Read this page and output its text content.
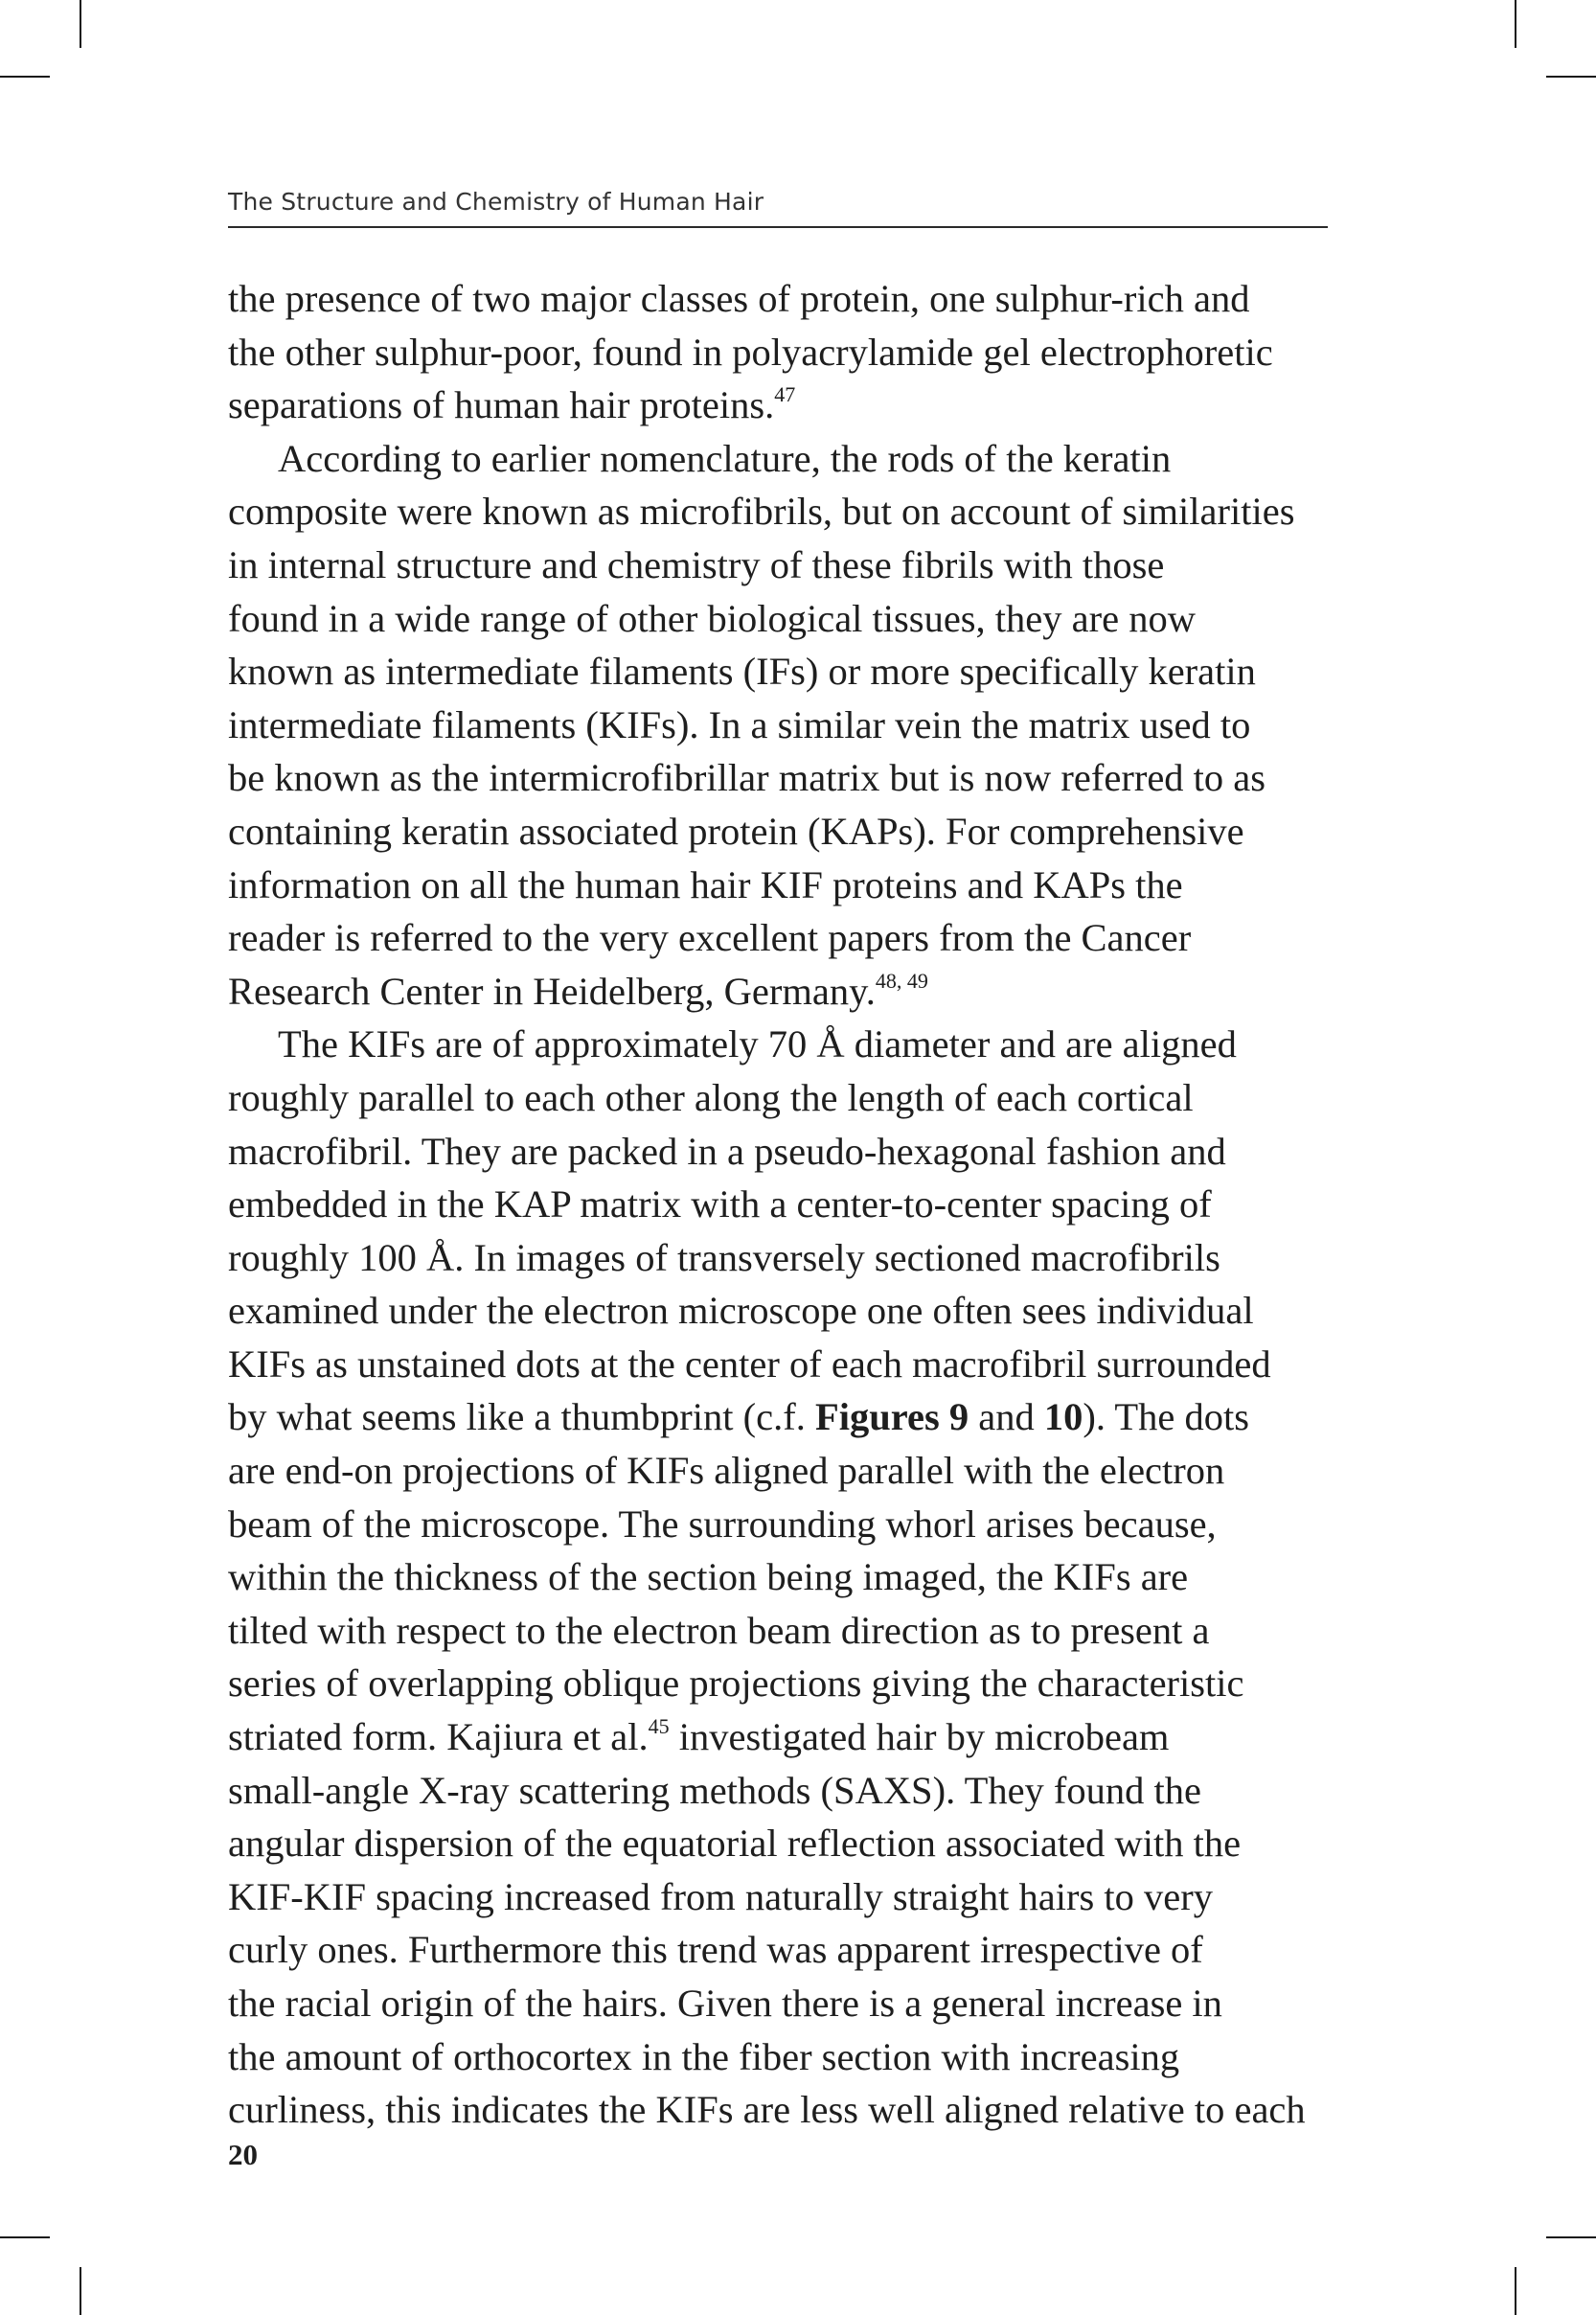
The Structure and Chemistry of Human Hair
the presence of two major classes of protein, one sulphur-rich and
the other sulphur-poor, found in polyacrylamide gel electrophoretic
separations of human hair proteins.$^{47}$
According to earlier nomenclature, the rods of the keratin
composite were known as microfibrils, but on account of similarities
in internal structure and chemistry of these fibrils with those
found in a wide range of other biological tissues, they are now
known as intermediate filaments (IFs) or more specifically keratin
intermediate filaments (KIFs). In a similar vein the matrix used to
be known as the intermicrofibrillar matrix but is now referred to as
containing keratin associated protein (KAPs). For comprehensive
information on all the human hair KIF proteins and KAPs the
reader is referred to the very excellent papers from the Cancer
Research Center in Heidelberg, Germany.$^{48, 49}$
The KIFs are of approximately 70 Å diameter and are aligned
roughly parallel to each other along the length of each cortical
macrofibril. They are packed in a pseudo-hexagonal fashion and
embedded in the KAP matrix with a center-to-center spacing of
roughly 100 Å. In images of transversely sectioned macrofibrils
examined under the electron microscope one often sees individual
KIFs as unstained dots at the center of each macrofibril surrounded
by what seems like a thumbprint (c.f. Figures 9 and 10). The dots
are end-on projections of KIFs aligned parallel with the electron
beam of the microscope. The surrounding whorl arises because,
within the thickness of the section being imaged, the KIFs are
tilted with respect to the electron beam direction as to present a
series of overlapping oblique projections giving the characteristic
striated form. Kajiura et al.$^{45}$ investigated hair by microbeam
small-angle X-ray scattering methods (SAXS). They found the
angular dispersion of the equatorial reflection associated with the
KIF-KIF spacing increased from naturally straight hairs to very
curly ones. Furthermore this trend was apparent irrespective of
the racial origin of the hairs. Given there is a general increase in
the amount of orthocortex in the fiber section with increasing
curliness, this indicates the KIFs are less well aligned relative to each
20
